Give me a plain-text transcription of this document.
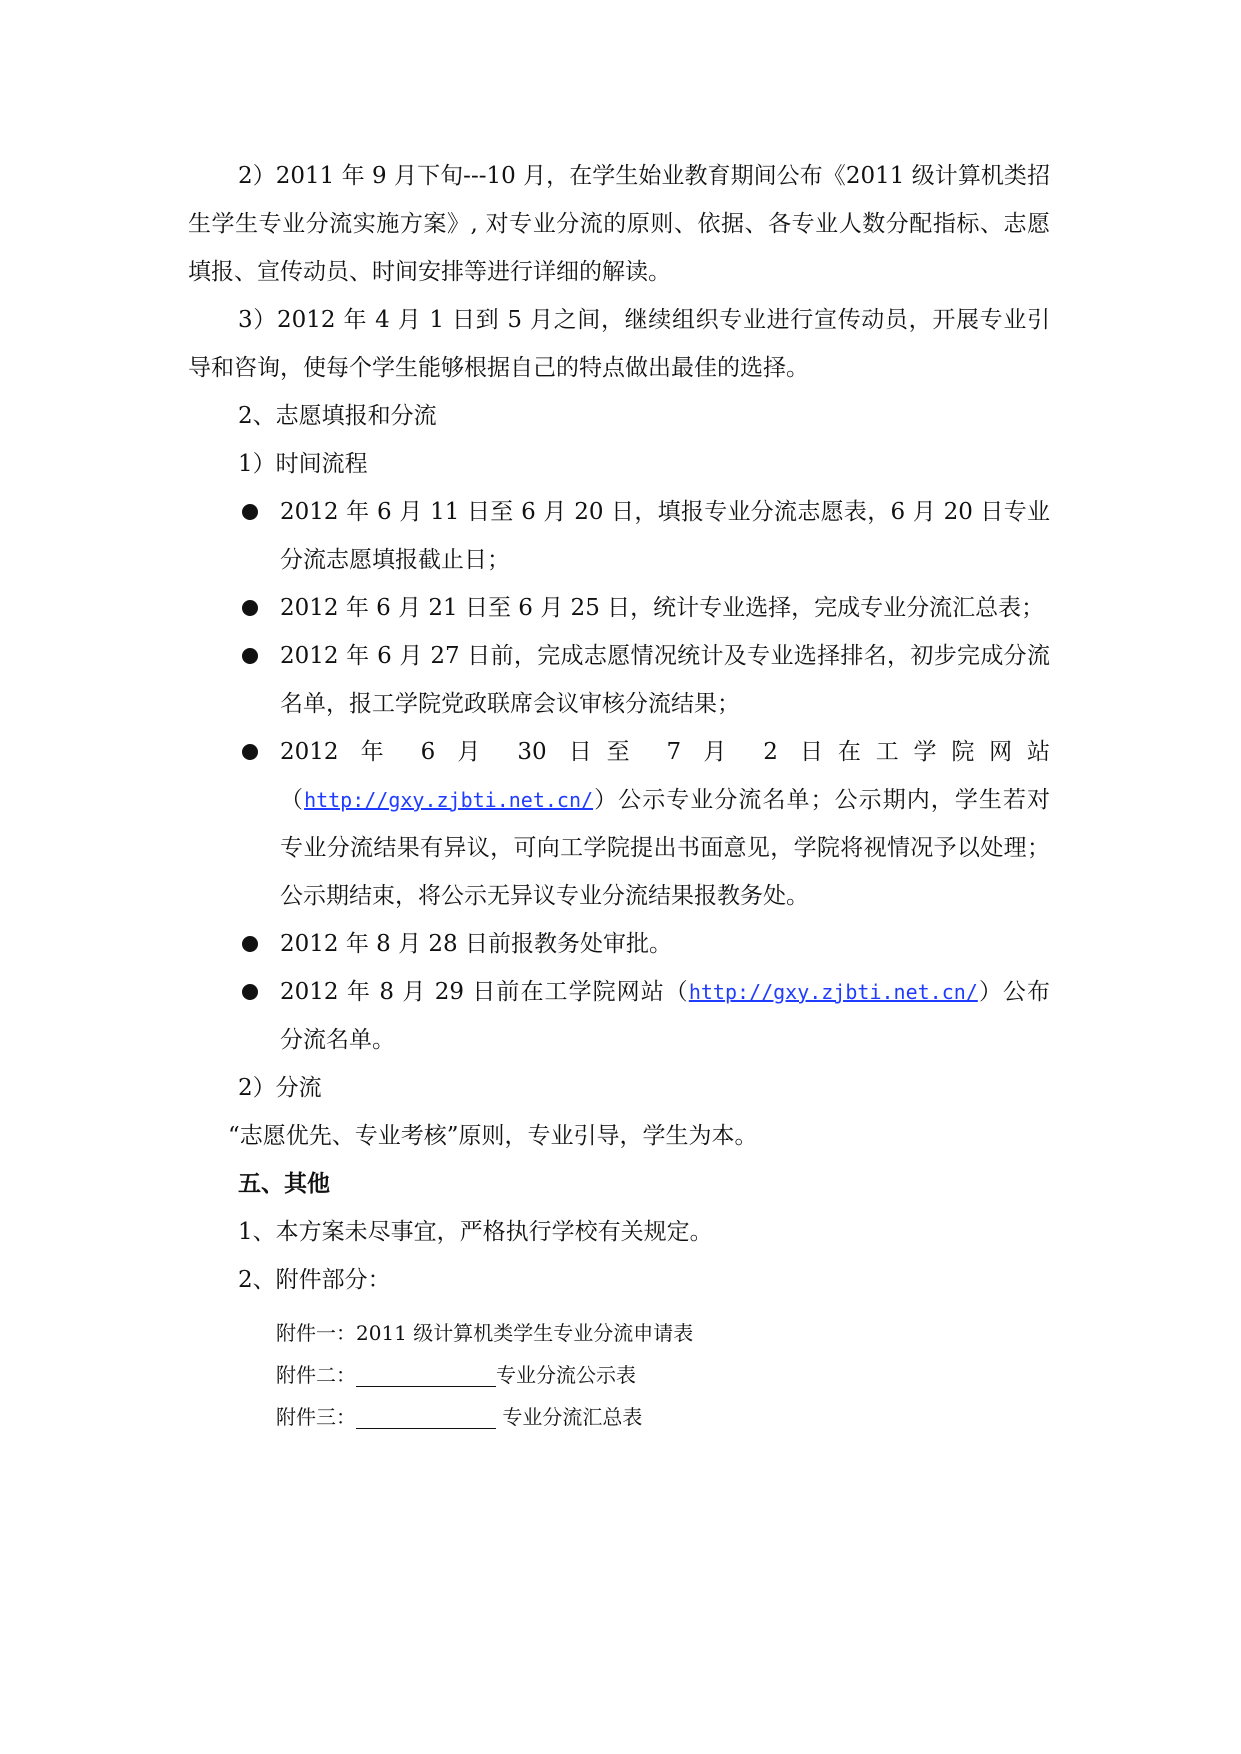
2）2011 年 9 月下旬---10 月，在学生始业教育期间公布《2011 级计算机类招生学生专业分流实施方案》, 对专业分流的原则、依据、各专业人数分配指标、志愿填报、宣传动员、时间安排等进行详细的解读。

3）2012 年 4 月 1 日到 5 月之间，继续组织专业进行宣传动员，开展专业引导和咨询，使每个学生能够根据自己的特点做出最佳的选择。

2、志愿填报和分流

1）时间流程

2012 年 6 月 11 日至 6 月 20 日，填报专业分流志愿表，6 月 20 日专业分流志愿填报截止日；
2012 年 6 月 21 日至 6 月 25 日，统计专业选择，完成专业分流汇总表；
2012 年 6 月 27 日前，完成志愿情况统计及专业选择排名，初步完成分流名单，报工学院党政联席会议审核分流结果；
2012 年 6 月 30 日至 7 月 2 日在工学院网站（http://gxy.zjbti.net.cn/）公示专业分流名单；公示期内，学生若对专业分流结果有异议，可向工学院提出书面意见，学院将视情况予以处理；公示期结束，将公示无异议专业分流结果报教务处。
2012 年 8 月 28 日前报教务处审批。
2012 年 8 月 29 日前在工学院网站（http://gxy.zjbti.net.cn/）公布分流名单。

2）分流

“志愿优先、专业考核”原则，专业引导，学生为本。

五、其他

1、本方案未尽事宜，严格执行学校有关规定。

2、附件部分：

附件一：2011 级计算机类学生专业分流申请表

附件二：	专业分流公示表

附件三：	专业分流汇总表
